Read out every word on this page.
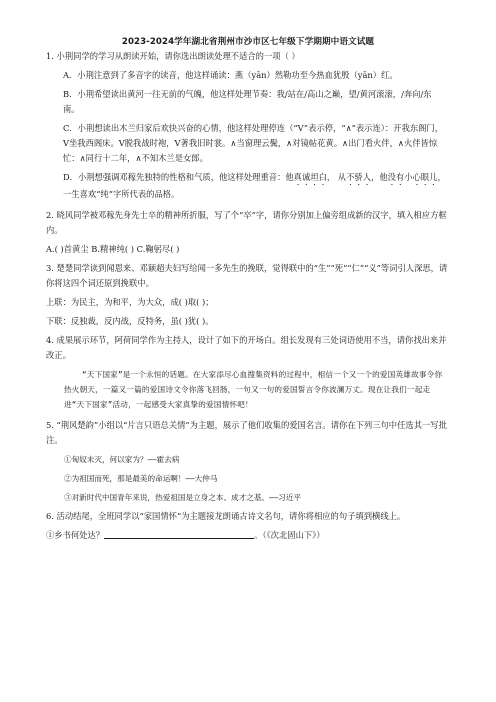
2023-2024学年湖北省荆州市沙市区七年级下学期期中语文试题

1. 小荆同学的学习从朗读开始，请你选出朗读处理不适合的一项（ ）

A．小荆注意到了多音字的读音，他这样诵读：燕（yān）然勒功至今热血犹殷（yān）红。

B．小荆希望读出黄河一往无前的气魄，他这样处理节奏：我/站在/高山之巅，望/黄河滚滚，/奔向/东南。

C．小荆想读出木兰归家后欢快兴奋的心情，他这样处理停连（“V”表示停，“∧”表示连）：开我东阁门，V坐我西阁床。V脱我战时袍，V著我旧时裳。∧当窗理云鬓，∧对镜帖花黄。∧出门看火伴，∧火伴皆惊忙：∧同行十二年，∧不知木兰是女郎。

D．小荆想强调邓稼先独特的性格和气质，他这样处理重音：他真诚坦白， 从不骄人，他没有小心眼儿，一生喜欢“纯”字所代表的品格。

2. 晓风同学被邓稼先身先士卒的精神所折服，写了个“卒”字，请你分别加上偏旁组成新的汉字，填入相应方框内。

A.( )首黄尘 B.精神纯( ) C.鞠躬尽( )

3. 楚楚同学读到闻恩来、邓颖超夫妇写给闻一多先生的挽联，觉得联中的“生”“死”“仁”“义”等词引人深思，请你将这四个词还原到挽联中。

上联：为民主，为和平，为大众，成( )取( )；

下联：反独裁，反内战，反特务，虽( )犹( )。

4. 成果展示环节，阿荷同学作为主持人，设计了如下的开场白。组长发现有三处词语使用不当，请你找出来并改正。

“天下国家”是一个永恒的话题。在大家添尽心血搜集资料的过程中，相信一个又一个的爱国英雄故事令你热火朝天，一篇又一篇的爱国诗文令你落飞回肠，一句又一句的爱国誓言令你波澜万丈。现在让我们一起走进“天下国家”活动，一起感受大家真挚的爱国情怀吧！

5. “荆风楚韵”小组以“片言只语总关情”为主题，展示了他们收集的爱国名言。请你在下列三句中任选其一写批注。

①匈奴未灭，何以家为？——霍去病

②为祖国而死，那是最美的命运啊！——大仲马

③对新时代中国青年来说，热爱祖国是立身之本、成才之基。——习近平

6. 活动结尾，全班同学以“家国情怀”为主题接龙朗诵古诗文名句，请你将相应的句子填到横线上。

①乡书何处达？	。（《次北固山下》）
